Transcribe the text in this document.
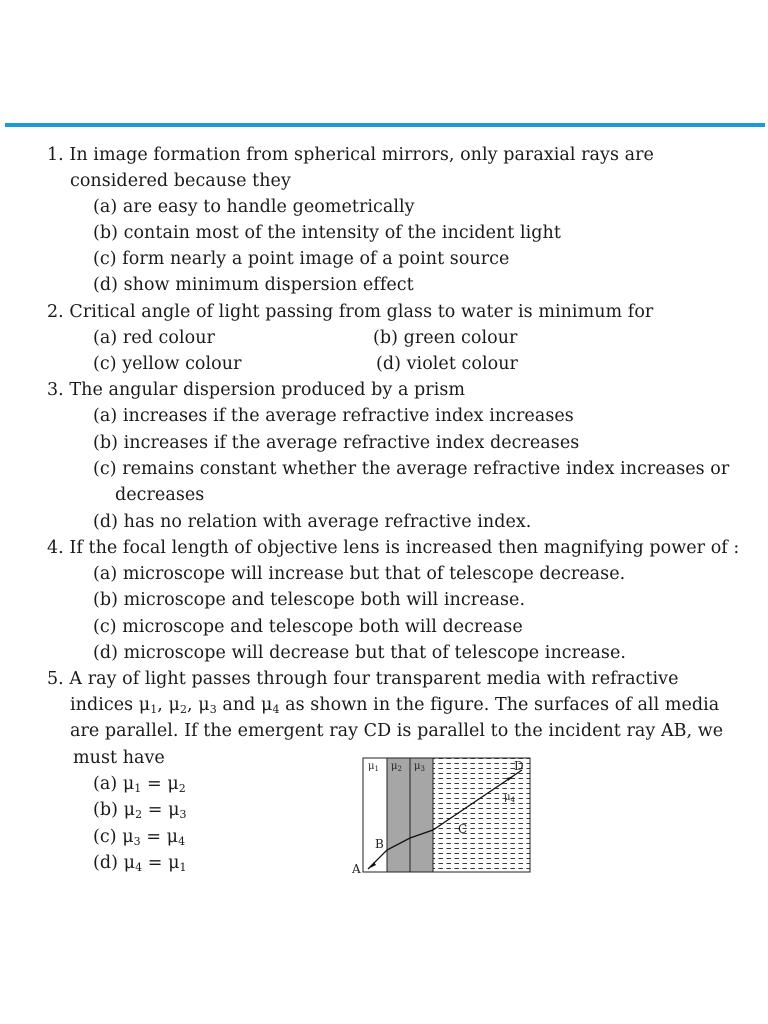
1. In image formation from spherical mirrors, only paraxial rays are
considered because they
(a) are easy to handle geometrically
(b) contain most of the intensity of the incident light
(c) form nearly a point image of a point source
(d) show minimum dispersion effect
2. Critical angle of light passing from glass to water is minimum for
(a) red colour	(b) green colour
(c) yellow colour	(d) violet colour
3. The angular dispersion produced by a prism
(a) increases if the average refractive index increases
(b) increases if the average refractive index decreases
(c) remains constant whether the average refractive index increases or
decreases
(d) has no relation with average refractive index.
4. If the focal length of objective lens is increased then magnifying power of :
(a) microscope will increase but that of telescope decrease.
(b) microscope and telescope both will increase.
(c) microscope and telescope both will decrease
(d) microscope will decrease but that of telescope increase.
5. A ray of light passes through four transparent media with refractive
indices $\mu_1$, $\mu_2$, $\mu_3$ and $\mu_4$ as shown in the figure. The surfaces of all media
are parallel. If the emergent ray CD is parallel to the incident ray AB, we
must have
(a) $\mu_1 = \mu_2$
(b) $\mu_2 = \mu_3$
(c) $\mu_3 = \mu_4$
(d) $\mu_4 = \mu_1$
$\mu_1$ $\mu_2$ $\mu_3$
$\mu_4$
A
B
C
D
